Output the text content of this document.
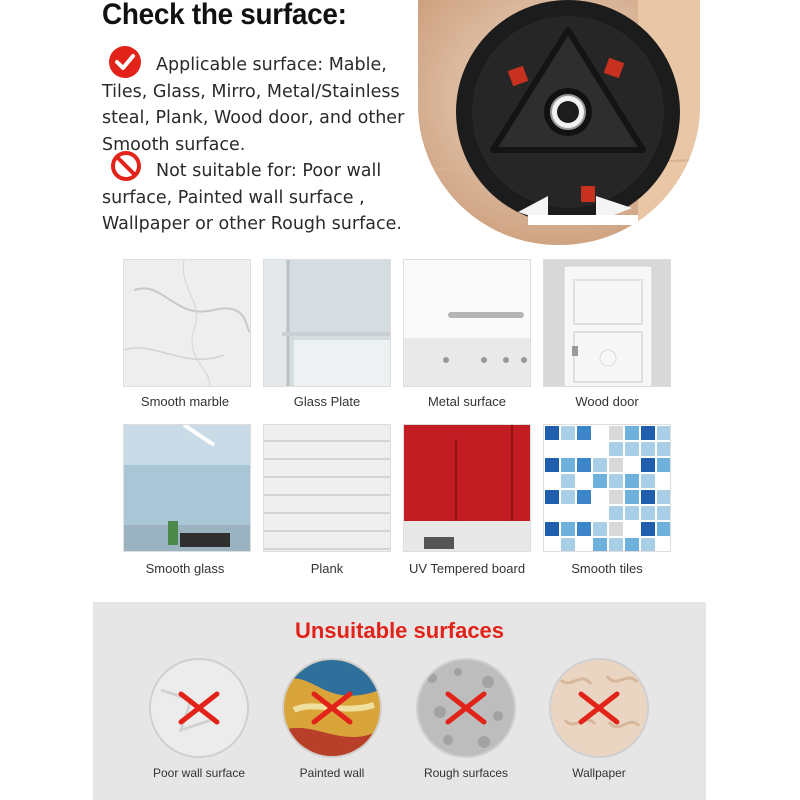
Check the surface:
Applicable surface: Mable, Tiles, Glass, Mirro, Metal/Stainless steal, Plank, Wood door, and other Smooth surface.
Not suitable for: Poor wall surface, Painted wall surface , Wallpaper or other Rough surface.
Smooth marble	Glass Plate	Metal surface	Wood door
Smooth glass	Plank	UV Tempered board	Smooth tiles
Unsuitable surfaces
Poor wall surface	Painted wall	Rough surfaces	Wallpaper
